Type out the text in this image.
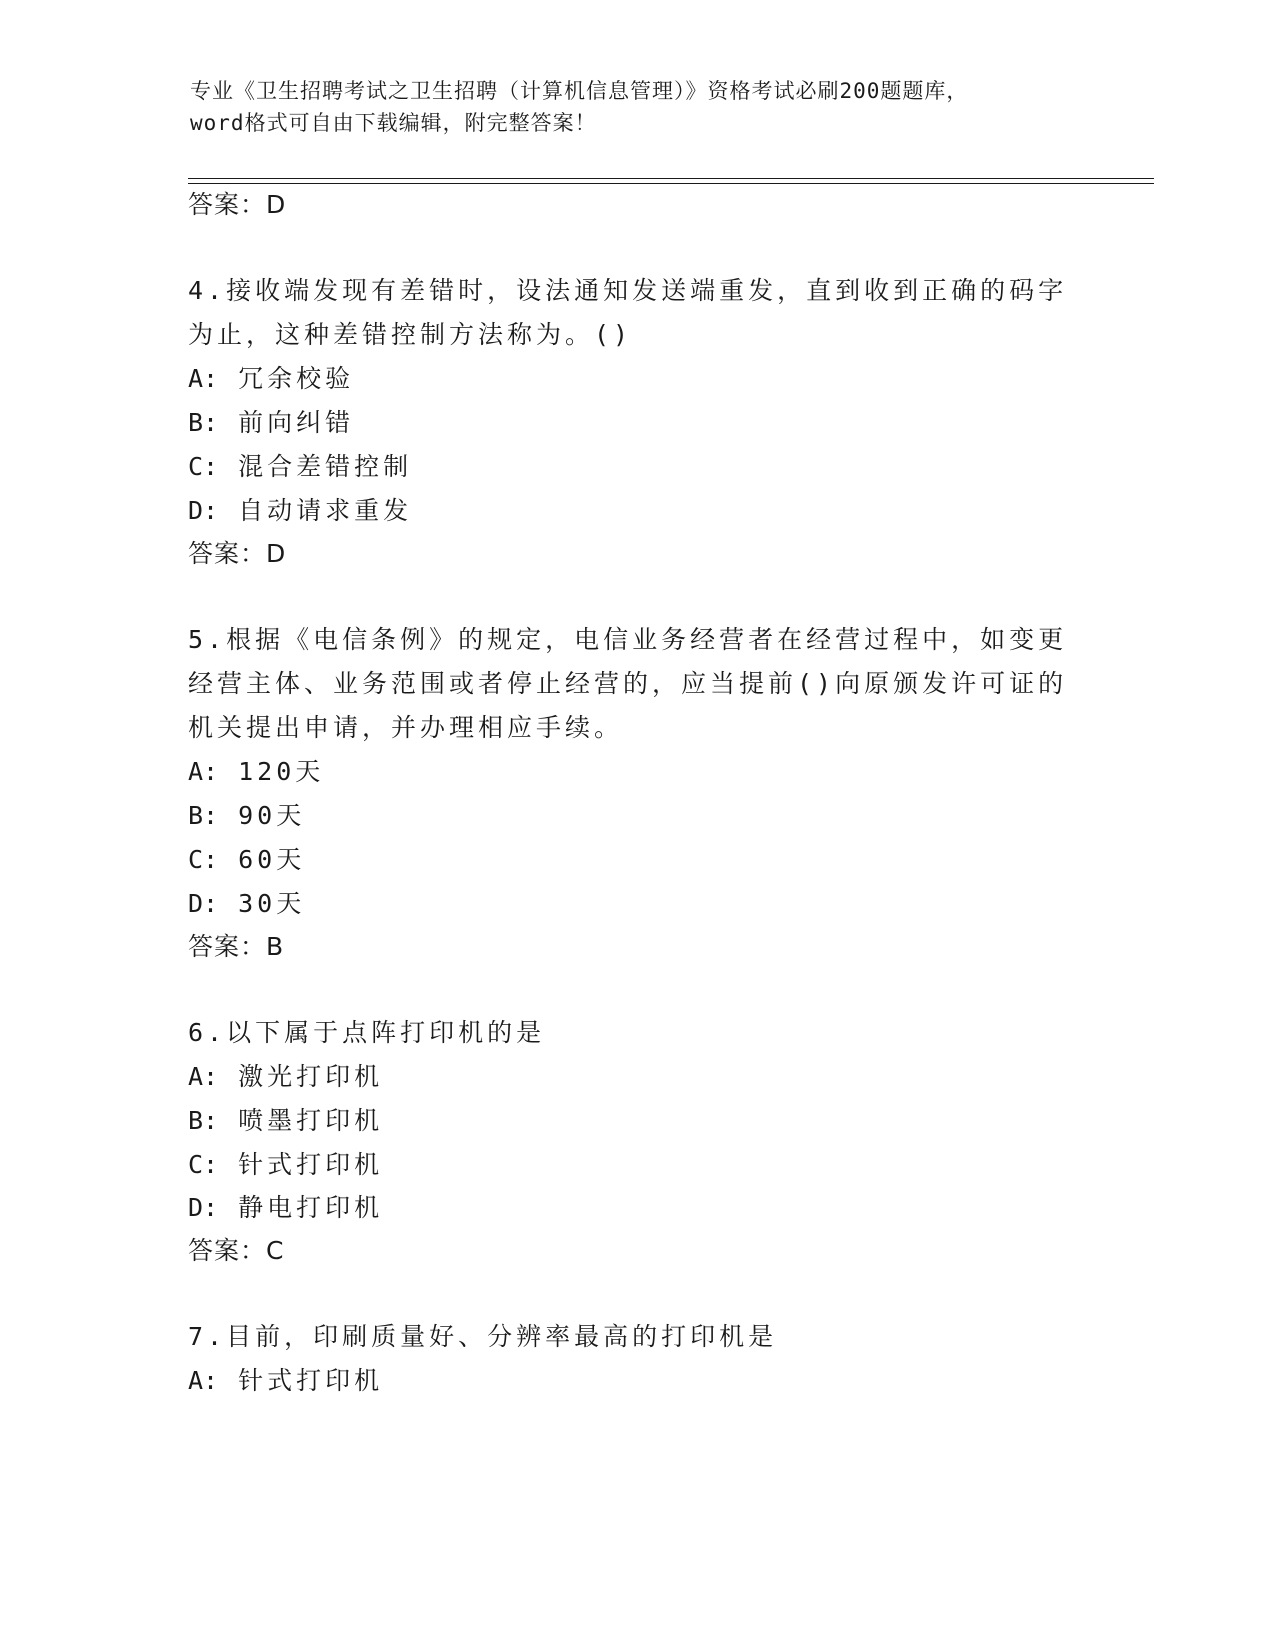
专业《卫生招聘考试之卫生招聘（计算机信息管理）》资格考试必刷200题题库，
word格式可自由下载编辑，附完整答案！
答案：D
4.接收端发现有差错时，设法通知发送端重发，直到收到正确的码字
为止，这种差错控制方法称为。()
A: 冗余校验
B: 前向纠错
C: 混合差错控制
D: 自动请求重发
答案：D
5.根据《电信条例》的规定，电信业务经营者在经营过程中，如变更
经营主体、业务范围或者停止经营的，应当提前()向原颁发许可证的
机关提出申请，并办理相应手续。
A: 120天
B: 90天
C: 60天
D: 30天
答案：B
6.以下属于点阵打印机的是
A: 激光打印机
B: 喷墨打印机
C: 针式打印机
D: 静电打印机
答案：C
7.目前，印刷质量好、分辨率最高的打印机是
A: 针式打印机
